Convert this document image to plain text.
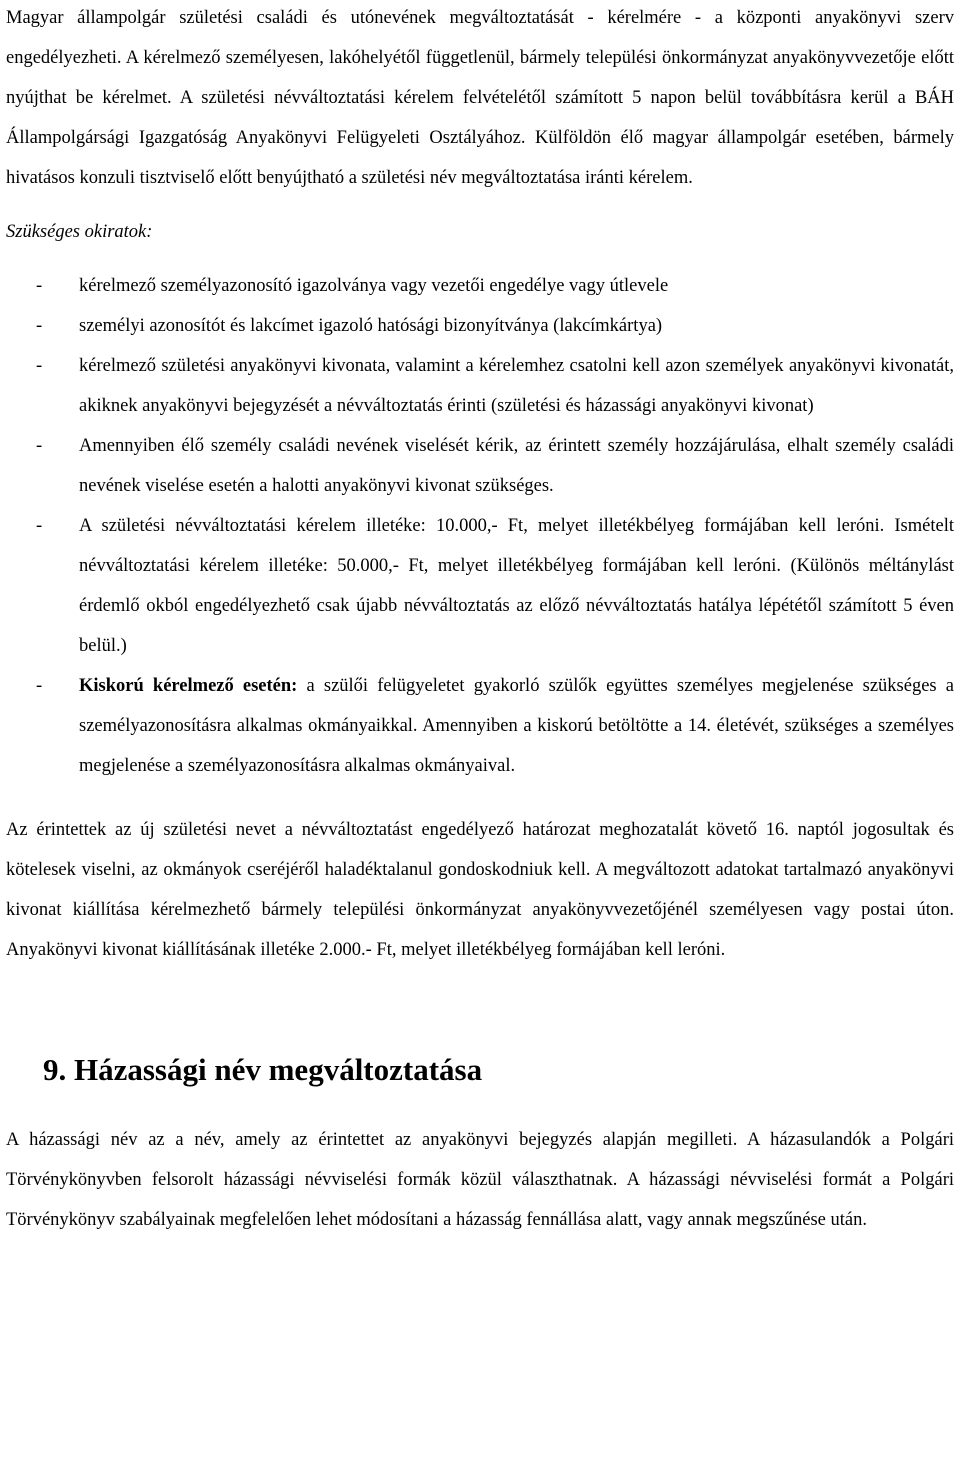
Magyar állampolgár születési családi és utónevének megváltoztatását - kérelmére - a központi anyakönyvi szerv engedélyezheti. A kérelmező személyesen, lakóhelyétől függetlenül, bármely települési önkormányzat anyakönyvvezetője előtt nyújthat be kérelmet. A születési névváltoztatási kérelem felvételétől számított 5 napon belül továbbításra kerül a BÁH Állampolgársági Igazgatóság Anyakönyvi Felügyeleti Osztályához. Külföldön élő magyar állampolgár esetében, bármely hivatásos konzuli tisztviselő előtt benyújtható a születési név megváltoztatása iránti kérelem.

Szükséges okiratok:
- kérelmező személyazonosító igazolványa vagy vezetői engedélye vagy útlevele
- személyi azonosítót és lakcímet igazoló hatósági bizonyítványa (lakcímkártya)
- kérelmező születési anyakönyvi kivonata, valamint a kérelemhez csatolni kell azon személyek anyakönyvi kivonatát, akiknek anyakönyvi bejegyzését a névváltoztatás érinti (születési és házassági anyakönyvi kivonat)
- Amennyiben élő személy családi nevének viselését kérik, az érintett személy hozzájárulása, elhalt személy családi nevének viselése esetén a halotti anyakönyvi kivonat szükséges.
- A születési névváltoztatási kérelem illetéke: 10.000,- Ft, melyet illetékbélyeg formájában kell leróni. Ismételt névváltoztatási kérelem illetéke: 50.000,- Ft, melyet illetékbélyeg formájában kell leróni. (Különös méltánylást érdemlő okból engedélyezhető csak újabb névváltoztatás az előző névváltoztatás hatálya lépététől számított 5 éven belül.)
- Kiskorú kérelmező esetén: a szülői felügyeletet gyakorló szülők együttes személyes megjelenése szükséges a személyazonosításra alkalmas okmányaikkal. Amennyiben a kiskorú betöltötte a 14. életévét, szükséges a személyes megjelenése a személyazonosításra alkalmas okmányaival.

Az érintettek az új születési nevet a névváltoztatást engedélyező határozat meghozatalát követő 16. naptól jogosultak és kötelesek viselni, az okmányok cseréjéről haladéktalanul gondoskodniuk kell. A megváltozott adatokat tartalmazó anyakönyvi kivonat kiállítása kérelmezhető bármely települési önkormányzat anyakönyvvezetőjénél személyesen vagy postai úton. Anyakönyvi kivonat kiállításának illetéke 2.000.- Ft, melyet illetékbélyeg formájában kell leróni.

9. Házassági név megváltoztatása

A házassági név az a név, amely az érintettet az anyakönyvi bejegyzés alapján megilleti. A házasulandók a Polgári Törvénykönyvben felsorolt házassági névviselési formák közül választhatnak. A házassági névviselési formát a Polgári Törvénykönyv szabályainak megfelelően lehet módosítani a házasság fennállása alatt, vagy annak megszűnése után.
